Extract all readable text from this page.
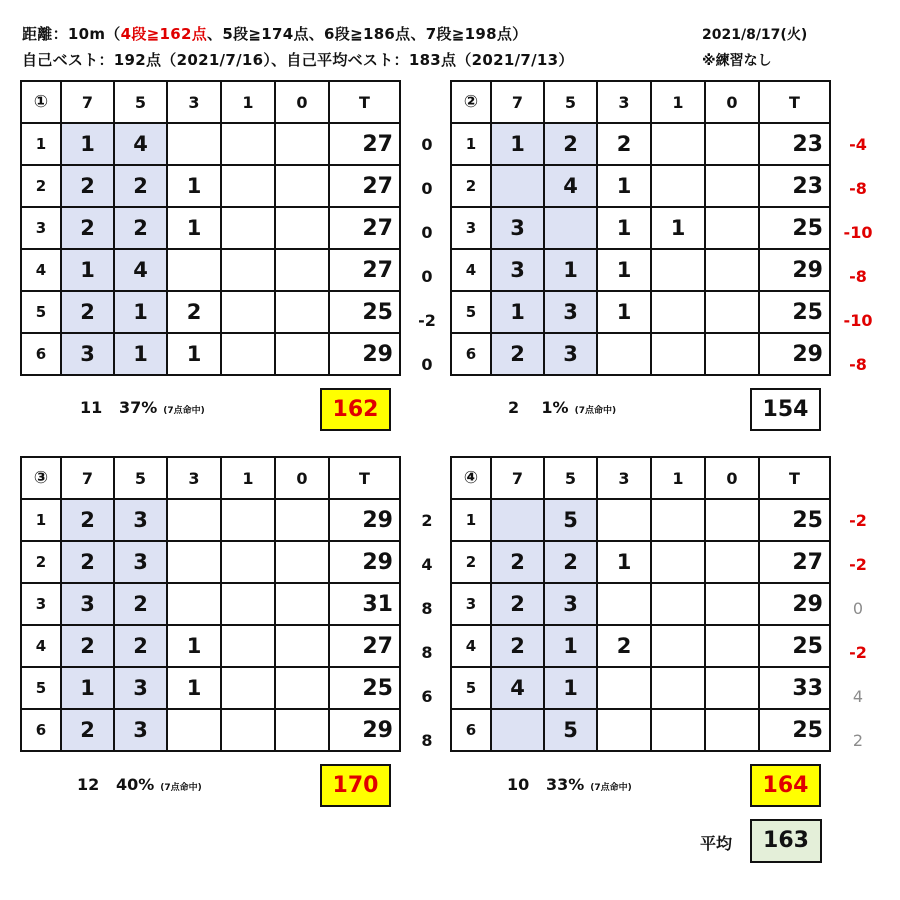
距離：10m（4段≧162点、5段≧174点、6段≧186点、7段≧198点）
自己ベスト：192点（2021/7/16）、自己平均ベスト：183点（2021/7/13）
2021/8/17(火)
※練習なし
①	7	5	3	1	0	T
1	1	4				27
2	2	2	1			27
3	2	2	1			27
4	1	4				27
5	2	1	2			25
6	3	1	1			29
②	7	5	3	1	0	T
1	1	2	2			23
2		4	1			23
3	3		1	1		25
4	3	1	1			29
5	1	3	1			25
6	2	3				29
③	7	5	3	1	0	T
1	2	3				29
2	2	3				29
3	3	2				31
4	2	2	1			27
5	1	3	1			25
6	2	3				29
④	7	5	3	1	0	T
1		5				25
2	2	2	1			27
3	2	3				29
4	2	1	2			25
5	4	1				33
6		5				25
0
0
0
0
-2
0
2
4
8
8
6
8
-4
-8
-10
-8
-10
-8
-2
-2
0
-2
4
2
11 37% (7点命中)	162	2 1% (7点命中)	154
12 40% (7点命中)	170	10 33% (7点命中)	164
平均	163
